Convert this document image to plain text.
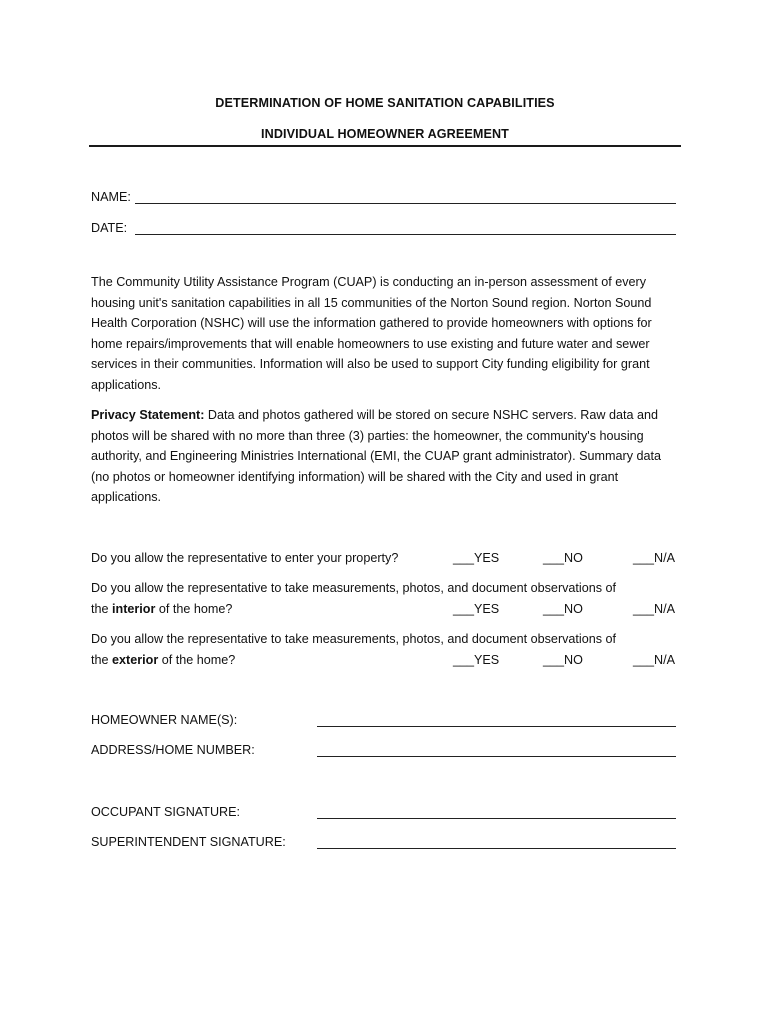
DETERMINATION OF HOME SANITATION CAPABILITIES
INDIVIDUAL HOMEOWNER AGREEMENT
NAME:
DATE:

The Community Utility Assistance Program (CUAP) is conducting an in-person assessment of every housing unit's sanitation capabilities in all 15 communities of the Norton Sound region. Norton Sound Health Corporation (NSHC) will use the information gathered to provide homeowners with options for home repairs/improvements that will enable homeowners to use existing and future water and sewer services in their communities. Information will also be used to support City funding eligibility for grant applications.

Privacy Statement: Data and photos gathered will be stored on secure NSHC servers. Raw data and photos will be shared with no more than three (3) parties: the homeowner, the community's housing authority, and Engineering Ministries International (EMI, the CUAP grant administrator). Summary data (no photos or homeowner identifying information) will be shared with the City and used in grant applications.

Do you allow the representative to enter your property?	___YES	___NO	___N/A
Do you allow the representative to take measurements, photos, and document observations of
the interior of the home?	___YES	___NO	___N/A
Do you allow the representative to take measurements, photos, and document observations of
the exterior of the home?	___YES	___NO	___N/A
HOMEOWNER NAME(S):
ADDRESS/HOME NUMBER:
OCCUPANT SIGNATURE:
SUPERINTENDENT SIGNATURE:
